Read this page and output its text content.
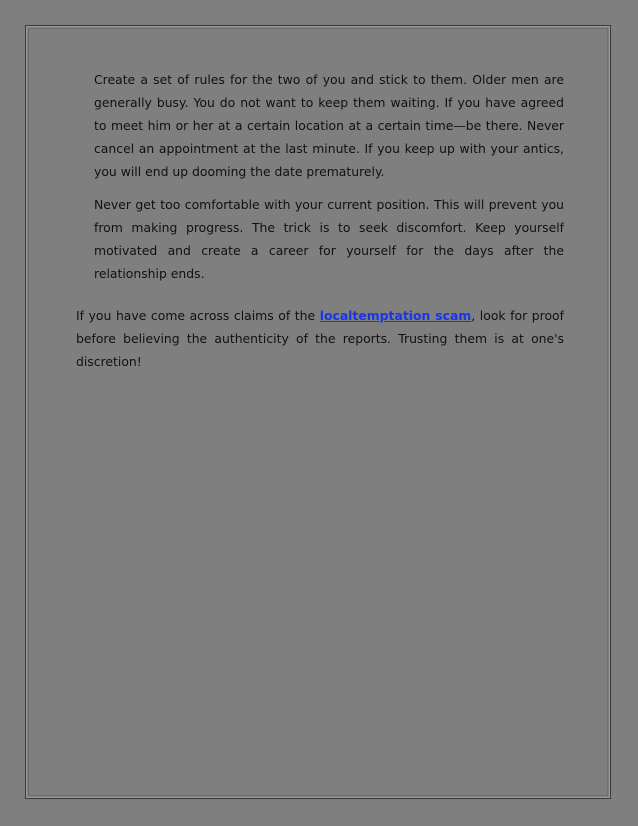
Create a set of rules for the two of you and stick to them. Older men are generally busy. You do not want to keep them waiting. If you have agreed to meet him or her at a certain location at a certain time—be there. Never cancel an appointment at the last minute. If you keep up with your antics, you will end up dooming the date prematurely.

Never get too comfortable with your current position. This will prevent you from making progress. The trick is to seek discomfort. Keep yourself motivated and create a career for yourself for the days after the relationship ends.

If you have come across claims of the localtemptation scam, look for proof before believing the authenticity of the reports. Trusting them is at one's discretion!
